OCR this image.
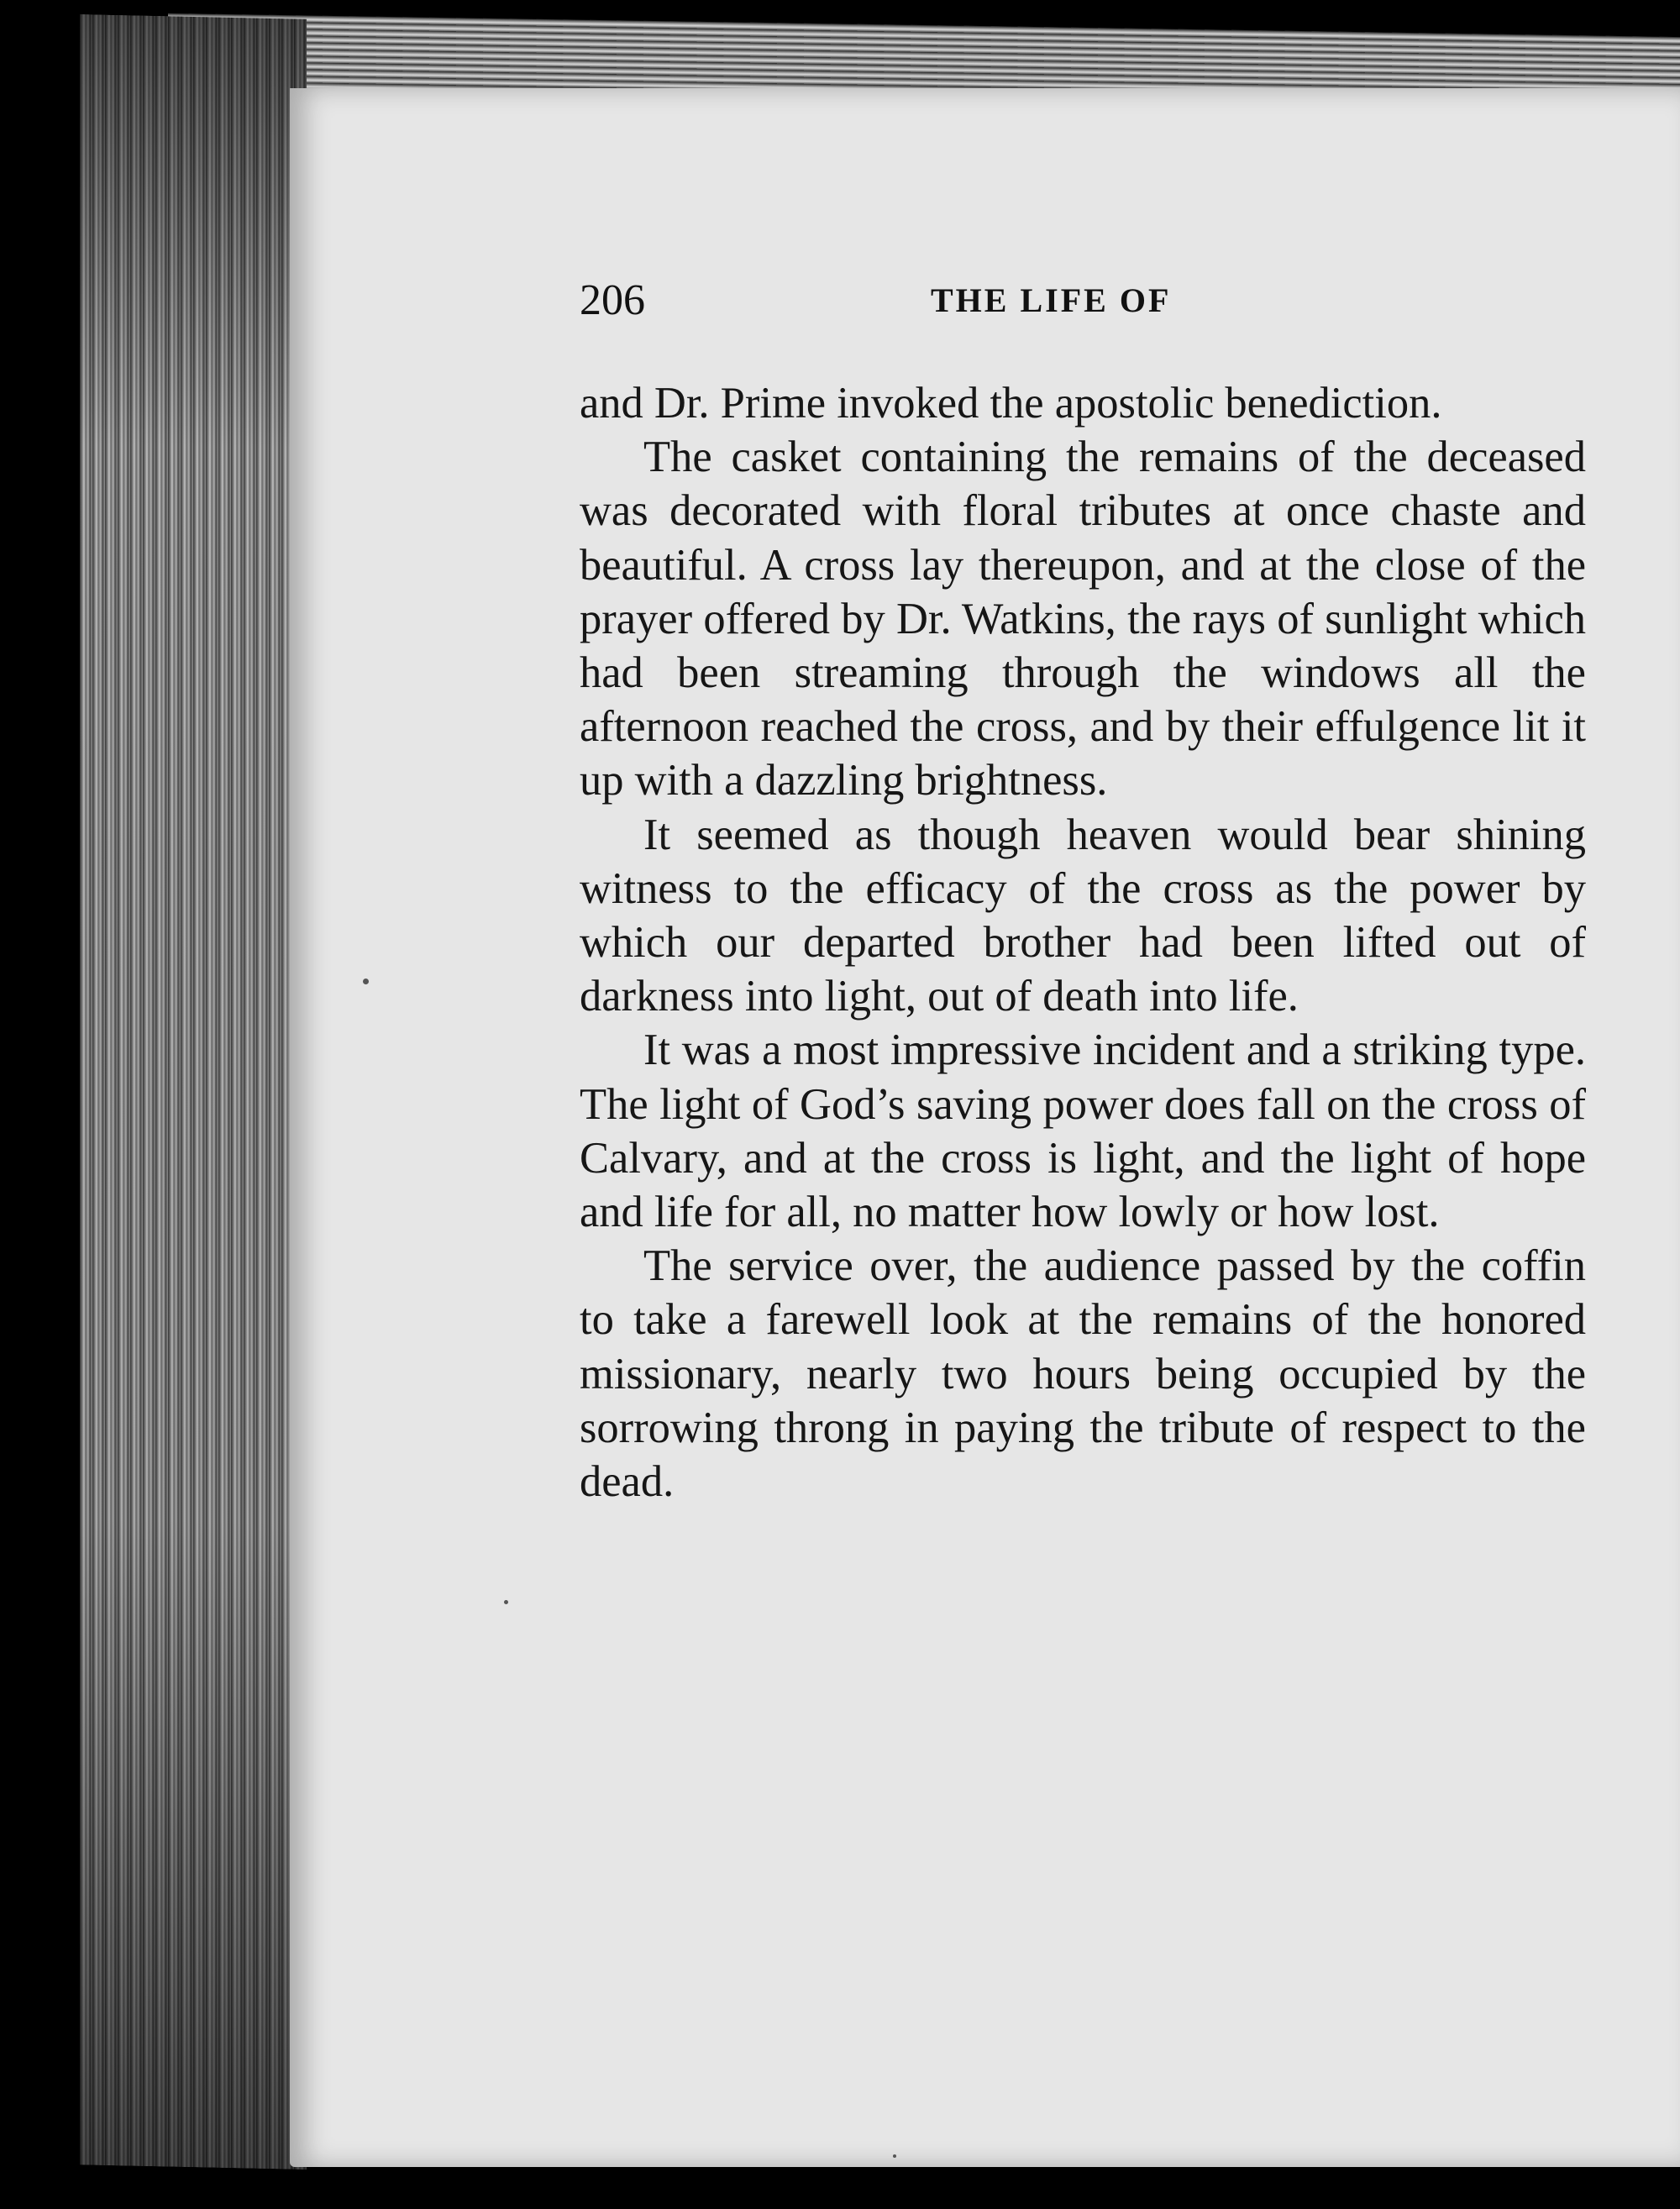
206	THE LIFE OF

and Dr. Prime invoked the apostolic benediction.

The casket containing the remains of the deceased was decorated with floral tributes at once chaste and beautiful. A cross lay thereupon, and at the close of the prayer offered by Dr. Watkins, the rays of sunlight which had been streaming through the windows all the afternoon reached the cross, and by their effulgence lit it up with a dazzling brightness.

It seemed as though heaven would bear shining witness to the efficacy of the cross as the power by which our departed brother had been lifted out of darkness into light, out of death into life.

It was a most impressive incident and a striking type. The light of God’s saving power does fall on the cross of Calvary, and at the cross is light, and the light of hope and life for all, no matter how lowly or how lost.

The service over, the audience passed by the coffin to take a farewell look at the remains of the honored missionary, nearly two hours being occupied by the sorrowing throng in paying the tribute of respect to the dead.
